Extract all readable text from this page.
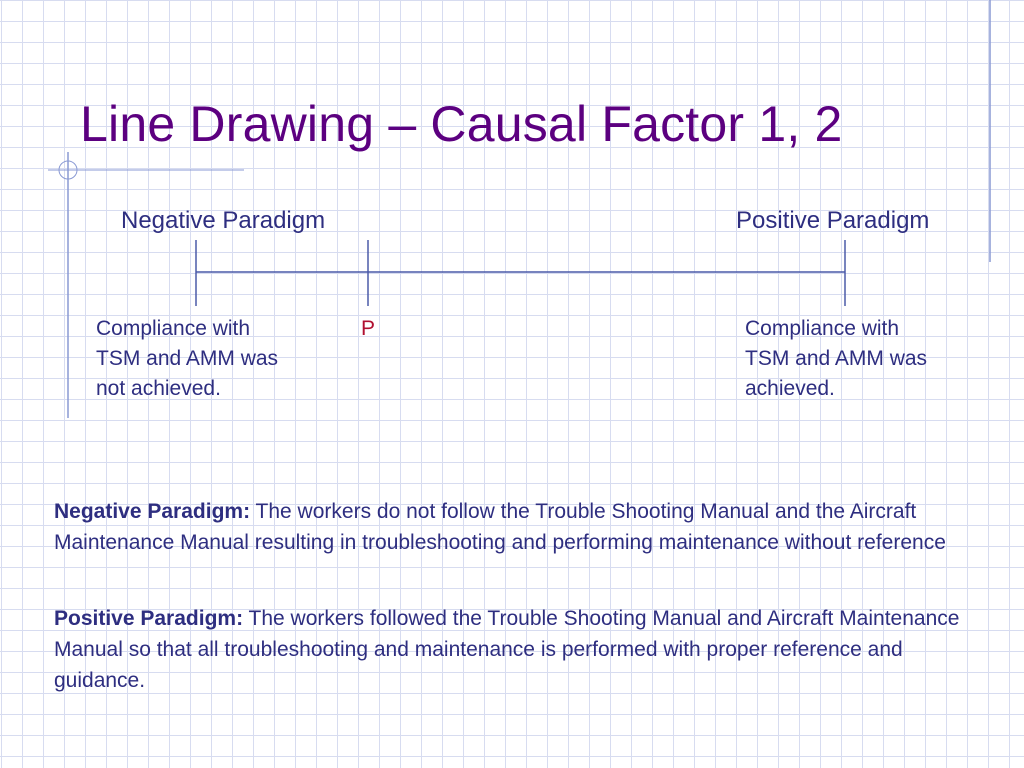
Line Drawing – Causal Factor 1, 2
Negative Paradigm	Positive Paradigm
P
Compliance with
TSM and AMM was
not achieved.
Compliance with
TSM and AMM was
achieved.

Negative Paradigm: The workers do not follow the Trouble Shooting Manual and the Aircraft Maintenance Manual resulting in troubleshooting and performing maintenance without reference

Positive Paradigm: The workers followed the Trouble Shooting Manual and Aircraft Maintenance Manual so that all troubleshooting and maintenance is performed with proper reference and guidance.
